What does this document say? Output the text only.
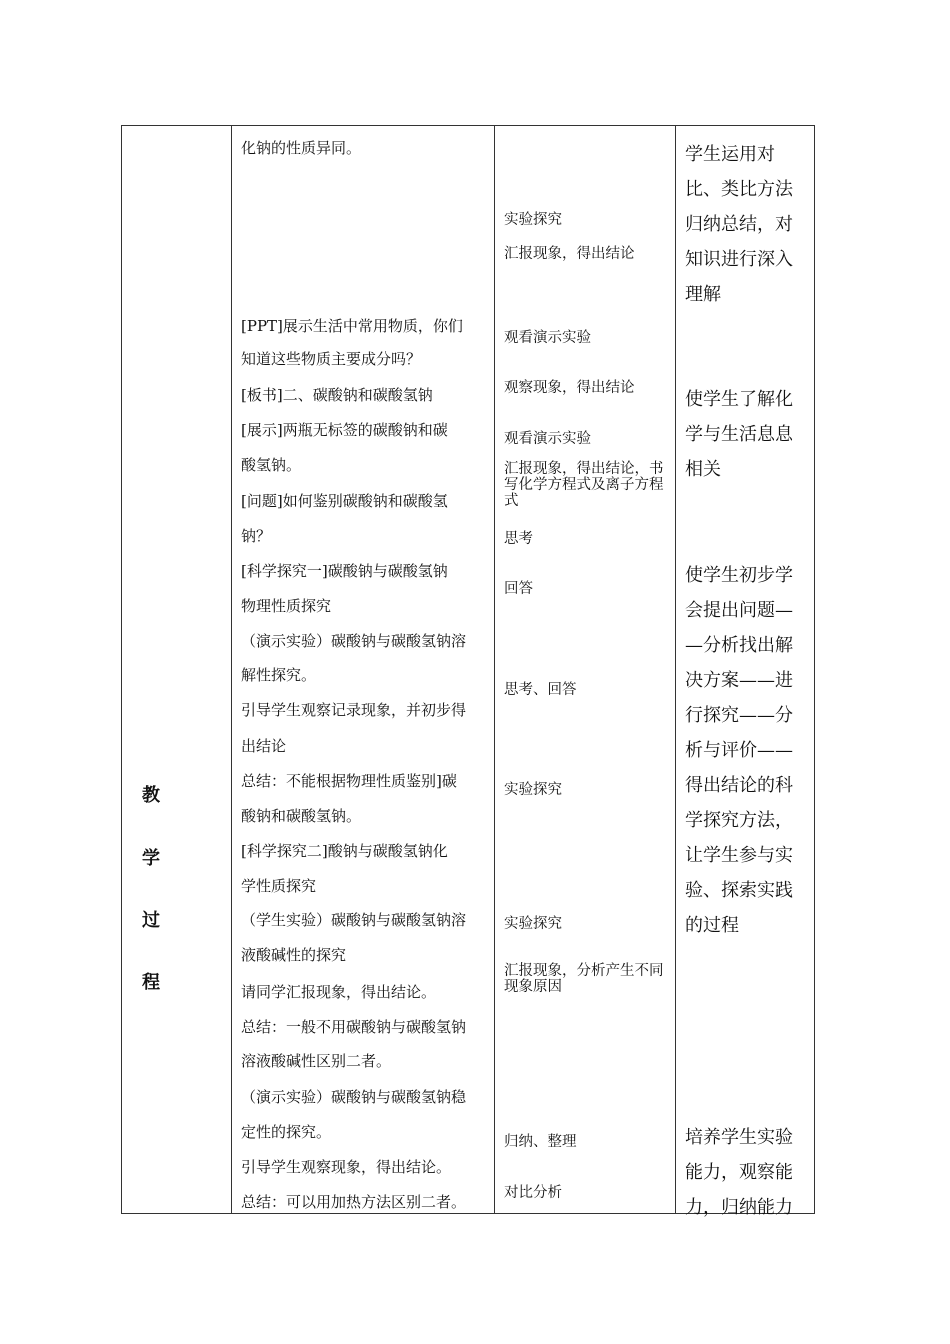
教
学
过
程
化钠的性质异同。
[PPT]展示生活中常用物质，你们
知道这些物质主要成分吗？
[板书]二、碳酸钠和碳酸氢钠
[展示]两瓶无标签的碳酸钠和碳
酸氢钠。
[问题]如何鉴别碳酸钠和碳酸氢
钠？
[科学探究一]碳酸钠与碳酸氢钠
物理性质探究
（演示实验）碳酸钠与碳酸氢钠溶
解性探究。
引导学生观察记录现象，并初步得
出结论
总结：不能根据物理性质鉴别]碳
酸钠和碳酸氢钠。
[科学探究二]酸钠与碳酸氢钠化
学性质探究
（学生实验）碳酸钠与碳酸氢钠溶
液酸碱性的探究
请同学汇报现象，得出结论。
总结：一般不用碳酸钠与碳酸氢钠
溶液酸碱性区别二者。
（演示实验）碳酸钠与碳酸氢钠稳
定性的探究。
引导学生观察现象，得出结论。
总结：可以用加热方法区别二者。
实验探究
汇报现象，得出结论
观看演示实验
观察现象，得出结论
观看演示实验
汇报现象，得出结论，书写化学方程式及离子方程式
思考
回答
思考、回答
实验探究
实验探究
汇报现象，分析产生不同现象原因
归纳、整理
对比分析
学生运用对
比、类比方法
归纳总结，对
知识进行深入
理解
使学生了解化
学与生活息息
相关
使学生初步学
会提出问题—
—分析找出解
决方案——进
行探究——分
析与评价——
得出结论的科
学探究方法，
让学生参与实
验、探索实践
的过程
培养学生实验
能力，观察能
力，归纳能力
